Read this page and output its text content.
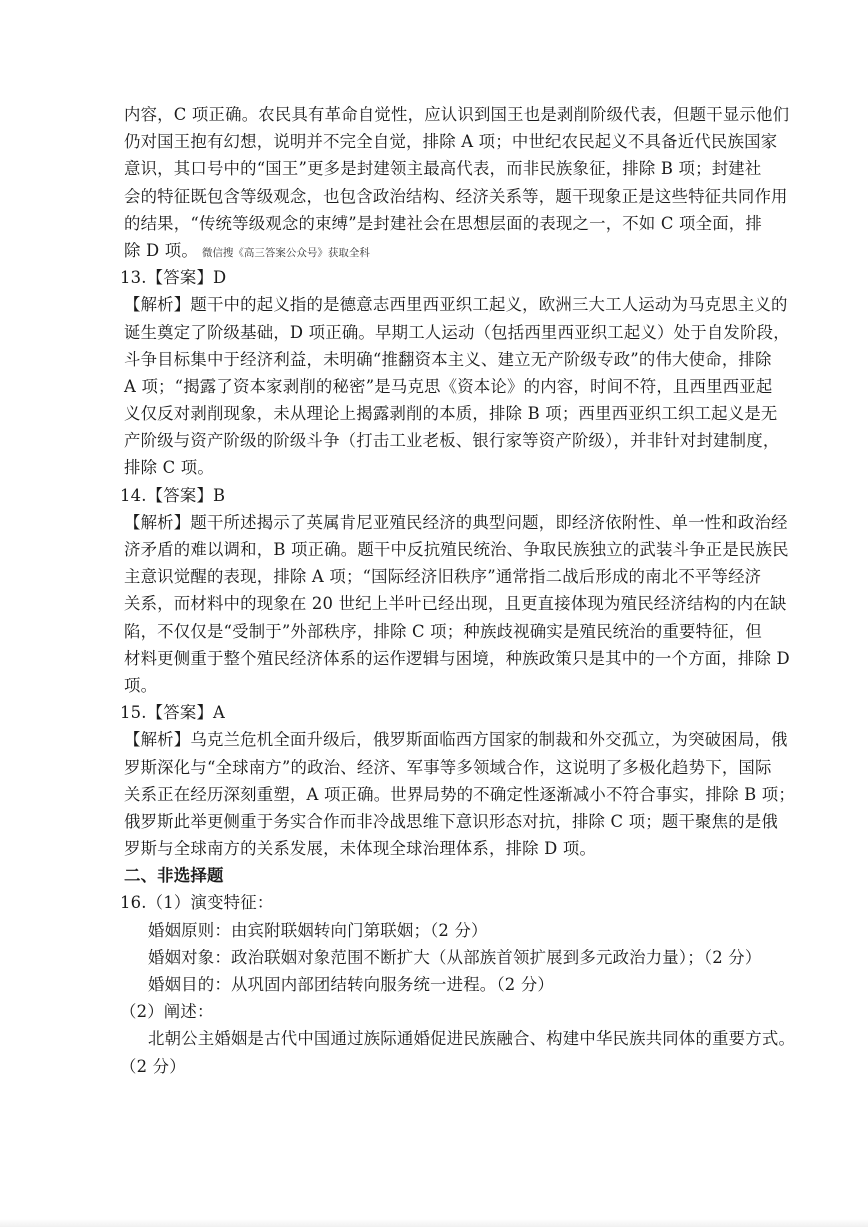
内容，C 项正确。农民具有革命自觉性，应认识到国王也是剥削阶级代表，但题干显示他们
仍对国王抱有幻想，说明并不完全自觉，排除 A 项；中世纪农民起义不具备近代民族国家
意识，其口号中的“国王”更多是封建领主最高代表，而非民族象征，排除 B 项；封建社
会的特征既包含等级观念，也包含政治结构、经济关系等，题干现象正是这些特征共同作用
的结果，“传统等级观念的束缚”是封建社会在思想层面的表现之一，不如 C 项全面，排
除 D 项。 微信搜《高三答案公众号》获取全科
13.【答案】D
【解析】题干中的起义指的是德意志西里西亚织工起义，欧洲三大工人运动为马克思主义的
诞生奠定了阶级基础，D 项正确。早期工人运动（包括西里西亚织工起义）处于自发阶段，
斗争目标集中于经济利益，未明确“推翻资本主义、建立无产阶级专政”的伟大使命，排除
A 项；“揭露了资本家剥削的秘密”是马克思《资本论》的内容，时间不符，且西里西亚起
义仅反对剥削现象，未从理论上揭露剥削的本质，排除 B 项；西里西亚织工织工起义是无
产阶级与资产阶级的阶级斗争（打击工业老板、银行家等资产阶级），并非针对封建制度，
排除 C 项。
14.【答案】B
【解析】题干所述揭示了英属肯尼亚殖民经济的典型问题，即经济依附性、单一性和政治经
济矛盾的难以调和，B 项正确。题干中反抗殖民统治、争取民族独立的武装斗争正是民族民
主意识觉醒的表现，排除 A 项；“国际经济旧秩序”通常指二战后形成的南北不平等经济
关系，而材料中的现象在 20 世纪上半叶已经出现，且更直接体现为殖民经济结构的内在缺
陷，不仅仅是“受制于”外部秩序，排除 C 项；种族歧视确实是殖民统治的重要特征，但
材料更侧重于整个殖民经济体系的运作逻辑与困境，种族政策只是其中的一个方面，排除 D
项。
15.【答案】A
【解析】乌克兰危机全面升级后，俄罗斯面临西方国家的制裁和外交孤立，为突破困局，俄
罗斯深化与“全球南方”的政治、经济、军事等多领域合作，这说明了多极化趋势下，国际
关系正在经历深刻重塑，A 项正确。世界局势的不确定性逐渐减小不符合事实，排除 B 项；
俄罗斯此举更侧重于务实合作而非冷战思维下意识形态对抗，排除 C 项；题干聚焦的是俄
罗斯与全球南方的关系发展，未体现全球治理体系，排除 D 项。
二、非选择题
16.（1）演变特征：
婚姻原则：由宾附联姻转向门第联姻；（2 分）
婚姻对象：政治联姻对象范围不断扩大（从部族首领扩展到多元政治力量）；（2 分）
婚姻目的：从巩固内部团结转向服务统一进程。（2 分）
（2）阐述：
北朝公主婚姻是古代中国通过族际通婚促进民族融合、构建中华民族共同体的重要方式。
（2 分）
